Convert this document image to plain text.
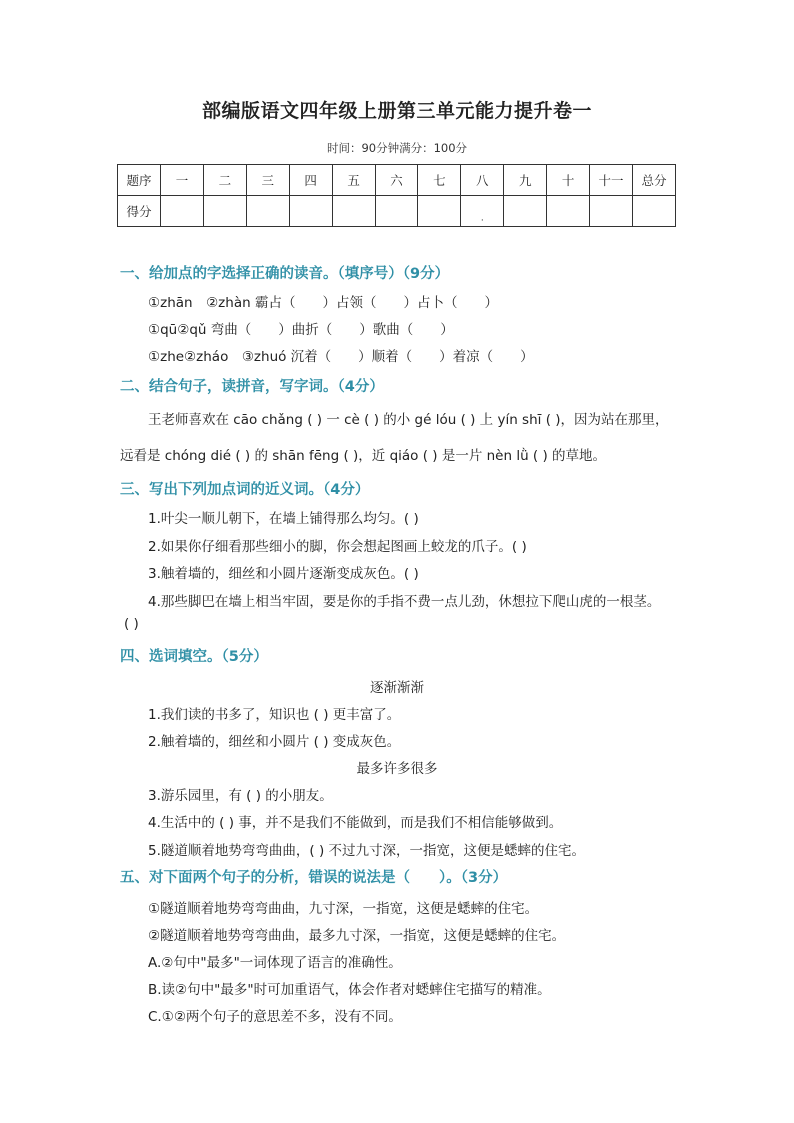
部编版语文四年级上册第三单元能力提升卷一
时间：90分钟满分：100分
题序	一	二	三	四	五	六	七	八	九	十	十一	总分
得分								·				
一、给加点的字选择正确的读音。（填序号）（9分）
①zhān　②zhàn 霸占（　　）占领（　　）占卜（　　）
①qū②qǔ 弯曲（　　）曲折（　　）歌曲（　　）
①zhe②zháo　③zhuó 沉着（　　）顺着（　　）着凉（　　）
二、结合句子，读拼音，写字词。（4分）
王老师喜欢在 cāo chǎng ( ) 一 cè ( ) 的小 gé lóu ( ) 上 yín shī ( )，因为站在那里，
远看是 chóng dié ( ) 的 shān fēng ( )，近 qiáo ( ) 是一片 nèn lǜ ( ) 的草地。
三、写出下列加点词的近义词。（4分）
1.叶尖一顺儿朝下，在墙上铺得那么均匀。( )
2.如果你仔细看那些细小的脚，你会想起图画上蛟龙的爪子。( )
3.触着墙的，细丝和小圆片逐渐变成灰色。( )
4.那些脚巴在墙上相当牢固，要是你的手指不费一点儿劲，休想拉下爬山虎的一根茎。
( )
四、选词填空。（5分）
逐渐渐渐
1.我们读的书多了，知识也 ( ) 更丰富了。
2.触着墙的，细丝和小圆片 ( ) 变成灰色。
最多许多很多
3.游乐园里，有 ( ) 的小朋友。
4.生活中的 ( ) 事，并不是我们不能做到，而是我们不相信能够做到。
5.隧道顺着地势弯弯曲曲，( ) 不过九寸深，一指宽，这便是蟋蟀的住宅。
五、对下面两个句子的分析，错误的说法是（　　）。（3分）
①隧道顺着地势弯弯曲曲，九寸深，一指宽，这便是蟋蟀的住宅。
②隧道顺着地势弯弯曲曲，最多九寸深，一指宽，这便是蟋蟀的住宅。
A.②句中"最多"一词体现了语言的准确性。
B.读②句中"最多"时可加重语气，体会作者对蟋蟀住宅描写的精准。
C.①②两个句子的意思差不多，没有不同。
